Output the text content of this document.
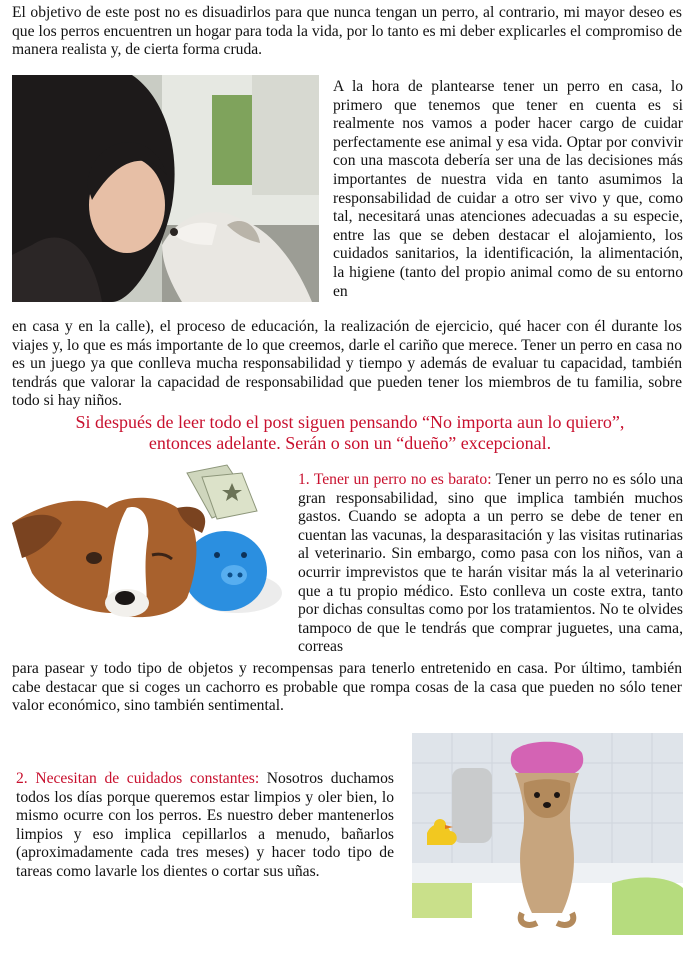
El objetivo de este post no es disuadirlos para que nunca tengan un perro, al contrario, mi mayor deseo es que los perros encuentren un hogar para toda la vida, por lo tanto es mi deber explicarles el compromiso de manera realista y, de cierta forma cruda.

A la hora de plantearse tener un perro en casa, lo primero que tenemos que tener en cuenta es si realmente nos vamos a poder hacer cargo de cuidar perfectamente ese animal y esa vida. Optar por convivir con una mascota debería ser una de las decisiones más importantes de nuestra vida en tanto asumimos la responsabilidad de cuidar a otro ser vivo y que, como tal, necesitará unas atenciones adecuadas a su especie, entre las que se deben destacar el alojamiento, los cuidados sanitarios, la identificación, la alimentación, la higiene (tanto del propio animal como de su entorno en

en casa y en la calle), el proceso de educación, la realización de ejercicio, qué hacer con él durante los viajes y, lo que es más importante de lo que creemos, darle el cariño que merece. Tener un perro en casa no es un juego ya que conlleva mucha responsabilidad y tiempo y además de evaluar tu capacidad, también tendrás que valorar la capacidad de responsabilidad que pueden tener los miembros de tu familia, sobre todo si hay niños.

Si después de leer todo el post siguen pensando “No importa aun lo quiero”,
entonces adelante. Serán o son un “dueño” excepcional.

1. Tener un perro no es barato: Tener un perro no es sólo una gran responsabilidad, sino que implica también muchos gastos. Cuando se adopta a un perro se debe de tener en cuentan las vacunas, la desparasitación y las visitas rutinarias al veterinario. Sin embargo, como pasa con los niños, van a ocurrir imprevistos que te harán visitar más la al veterinario que a tu propio médico. Esto conlleva un coste extra, tanto por dichas consultas como por los tratamientos. No te olvides tampoco de que le tendrás que comprar juguetes, una cama, correas

para pasear y todo tipo de objetos y recompensas para tenerlo entretenido en casa. Por último, también cabe destacar que si coges un cachorro es probable que rompa cosas de la casa que pueden no sólo tener valor económico, sino también sentimental.

2. Necesitan de cuidados constantes: Nosotros duchamos todos los días porque queremos estar limpios y oler bien, lo mismo ocurre con los perros. Es nuestro deber mantenerlos limpios y eso implica cepillarlos a menudo, bañarlos (aproximadamente cada tres meses) y hacer todo tipo de tareas como lavarle los dientes o cortar sus uñas.
